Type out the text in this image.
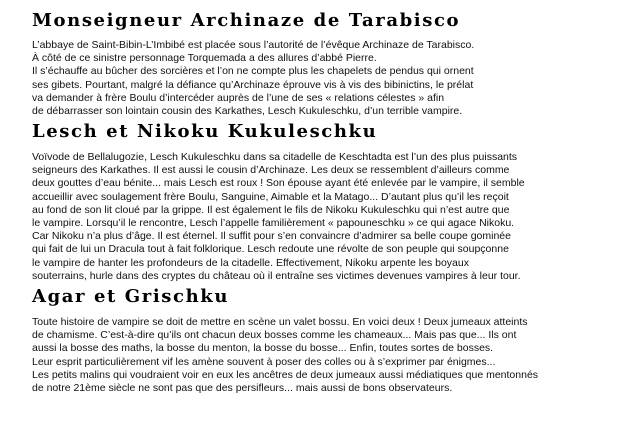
Monseigneur Archinaze de Tarabisco
L’abbaye de Saint-Bibin-L’Imbibé est placée sous l’autorité de l’évêque Archinaze de Tarabisco.
À côté de ce sinistre personnage Torquemada a des allures d’abbé Pierre.
Il s’échauffe au bûcher des sorcières et l’on ne compte plus les chapelets de pendus qui ornent
ses gibets. Pourtant, malgré la défiance qu’Archinaze éprouve vis à vis des bibinictins, le prélat
va demander à frère Boulu d’intercéder auprès de l’une de ses « relations célestes » afin
de débarrasser son lointain cousin des Karkathes, Lesch Kukuleschku, d’un terrible vampire.
Lesch et Nikoku Kukuleschku
Voïvode de Bellalugozie, Lesch Kukuleschku dans sa citadelle de Keschtadta est l’un des plus puissants
seigneurs des Karkathes. Il est aussi le cousin d’Archinaze. Les deux se ressemblent d’ailleurs comme
deux gouttes d’eau bénite... mais Lesch est roux ! Son épouse ayant été enlevée par le vampire, il semble
accueillir avec soulagement frère Boulu, Sanguine, Aimable et la Matago... D’autant plus qu’il les reçoit
au fond de son lit cloué par la grippe. Il est également le fils de Nikoku Kukuleschku qui n’est autre que
le vampire. Lorsqu’il le rencontre, Lesch l’appelle familièrement « papouneschku » ce qui agace Nikoku.
Car Nikoku n’a plus d’âge. Il est éternel. Il suffit pour s’en convaincre d’admirer sa belle coupe gominée
qui fait de lui un Dracula tout à fait folklorique. Lesch redoute une révolte de son peuple qui soupçonne
le vampire de hanter les profondeurs de la citadelle. Effectivement, Nikoku arpente les boyaux
souterrains, hurle dans des cryptes du château où il entraîne ses victimes devenues vampires à leur tour.
Agar et Grischku
Toute histoire de vampire se doit de mettre en scène un valet bossu. En voici deux ! Deux jumeaux atteints
de chamisme. C’est-à-dire qu’ils ont chacun deux bosses comme les chameaux... Mais pas que... Ils ont
aussi la bosse des maths, la bosse du menton, la bosse du bosse... Enfin, toutes sortes de bosses.
Leur esprit particulièrement vif les amène souvent à poser des colles ou à s’exprimer par énigmes...
Les petits malins qui voudraient voir en eux les ancêtres de deux jumeaux aussi médiatiques que mentonnés
de notre 21ème siècle ne sont pas que des persifleurs... mais aussi de bons observateurs.
